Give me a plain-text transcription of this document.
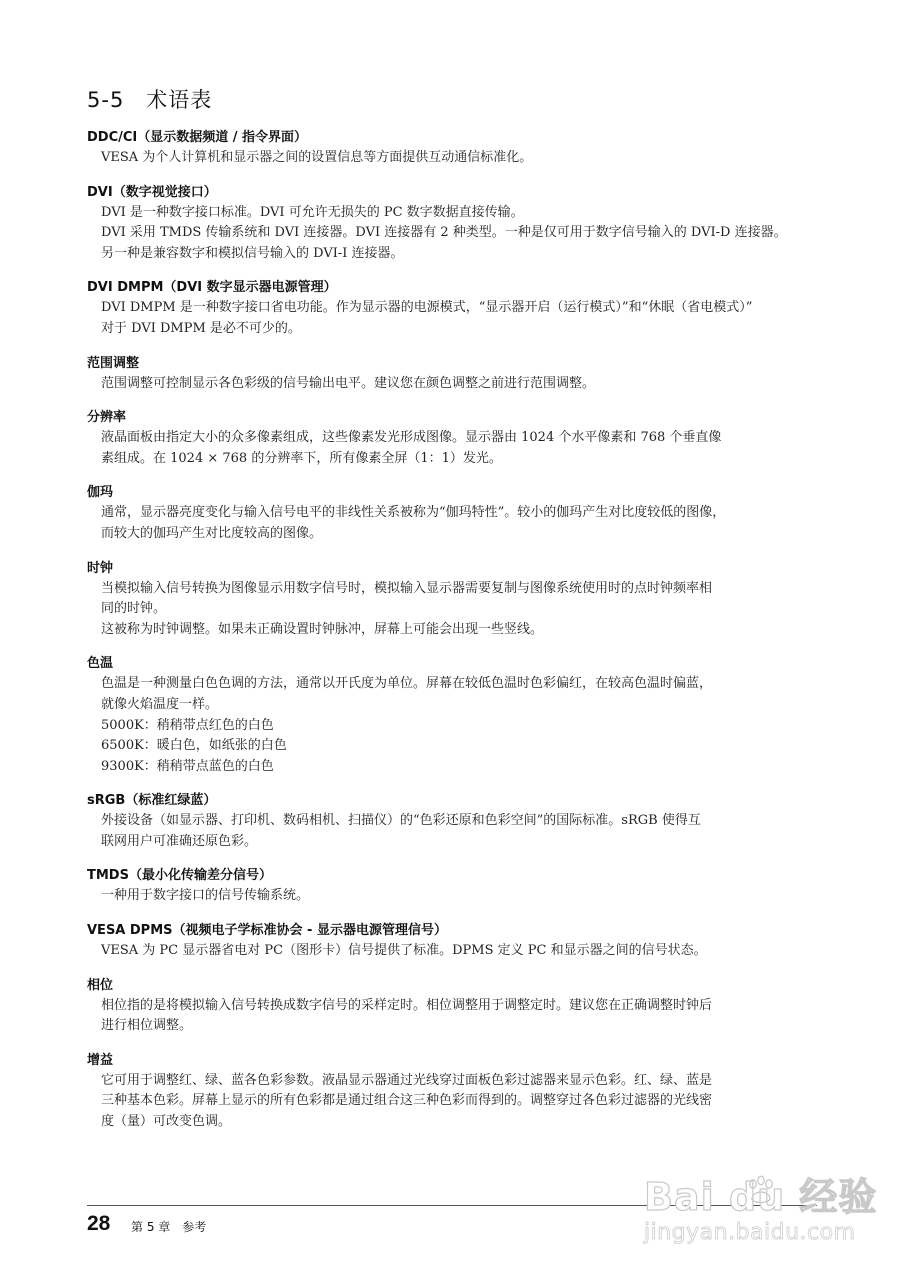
5-5　术语表
DDC/CI（显示数据频道 / 指令界面）
VESA 为个人计算机和显示器之间的设置信息等方面提供互动通信标准化。
DVI（数字视觉接口）
DVI 是一种数字接口标准。DVI 可允许无损失的 PC 数字数据直接传输。
DVI 采用 TMDS 传输系统和 DVI 连接器。DVI 连接器有 2 种类型。一种是仅可用于数字信号输入的 DVI-D 连接器。
另一种是兼容数字和模拟信号输入的 DVI-I 连接器。
DVI DMPM（DVI 数字显示器电源管理）
DVI DMPM 是一种数字接口省电功能。作为显示器的电源模式，“显示器开启（运行模式）”和“休眠（省电模式）”
对于 DVI DMPM 是必不可少的。
范围调整
范围调整可控制显示各色彩级的信号输出电平。建议您在颜色调整之前进行范围调整。
分辨率
液晶面板由指定大小的众多像素组成，这些像素发光形成图像。显示器由 1024 个水平像素和 768 个垂直像
素组成。在 1024 × 768 的分辨率下，所有像素全屏（1：1）发光。
伽玛
通常，显示器亮度变化与输入信号电平的非线性关系被称为“伽玛特性”。较小的伽玛产生对比度较低的图像，
而较大的伽玛产生对比度较高的图像。
时钟
当模拟输入信号转换为图像显示用数字信号时，模拟输入显示器需要复制与图像系统使用时的点时钟频率相
同的时钟。
这被称为时钟调整。如果未正确设置时钟脉冲，屏幕上可能会出现一些竖线。
色温
色温是一种测量白色色调的方法，通常以开氏度为单位。屏幕在较低色温时色彩偏红，在较高色温时偏蓝，
就像火焰温度一样。
5000K：稍稍带点红色的白色
6500K：暖白色，如纸张的白色
9300K：稍稍带点蓝色的白色
sRGB（标准红绿蓝）
外接设备（如显示器、打印机、数码相机、扫描仪）的“色彩还原和色彩空间”的国际标准。sRGB 使得互
联网用户可准确还原色彩。
TMDS（最小化传输差分信号）
一种用于数字接口的信号传输系统。
VESA DPMS（视频电子学标准协会 - 显示器电源管理信号）
VESA 为 PC 显示器省电对 PC（图形卡）信号提供了标准。DPMS 定义 PC 和显示器之间的信号状态。
相位
相位指的是将模拟输入信号转换成数字信号的采样定时。相位调整用于调整定时。建议您在正确调整时钟后
进行相位调整。
增益
它可用于调整红、绿、蓝各色彩参数。液晶显示器通过光线穿过面板色彩过滤器来显示色彩。红、绿、蓝是
三种基本色彩。屏幕上显示的所有色彩都是通过组合这三种色彩而得到的。调整穿过各色彩过滤器的光线密
度（量）可改变色调。
28 第 5 章　参考
Bai du 经验
jingyan.baidu.com
